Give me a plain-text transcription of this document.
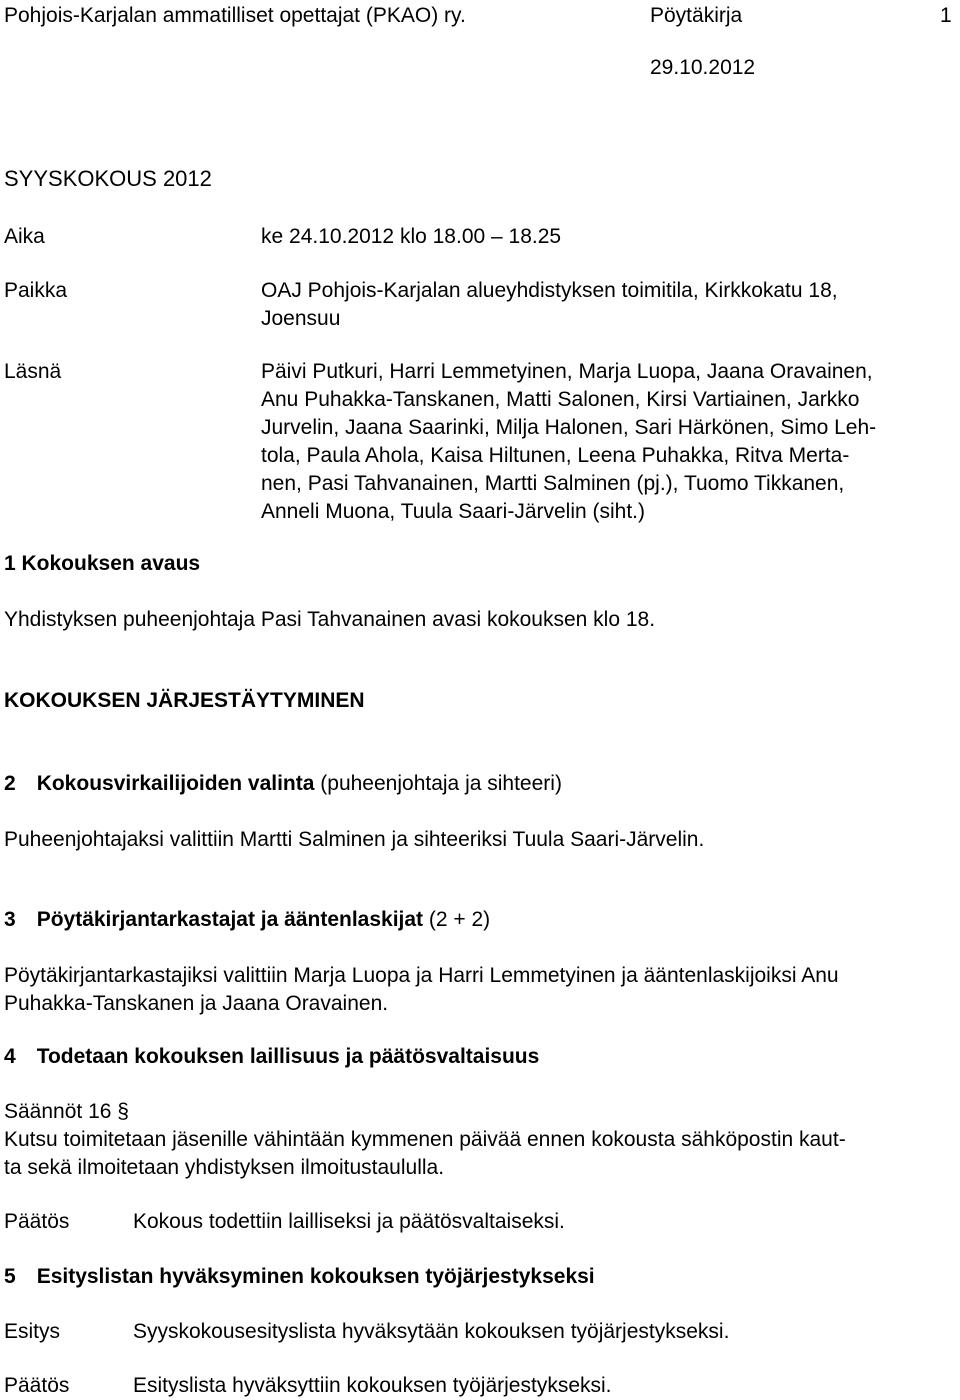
Pohjois-Karjalan ammatilliset opettajat (PKAO) ry.	Pöytäkirja	1
29.10.2012
SYYSKOKOUS 2012
Aika	ke 24.10.2012 klo 18.00 – 18.25
Paikka	OAJ Pohjois-Karjalan alueyhdistyksen toimitila, Kirkkokatu 18,
Joensuu
Läsnä	Päivi Putkuri, Harri Lemmetyinen, Marja Luopa, Jaana Oravainen,
Anu Puhakka-Tanskanen, Matti Salonen, Kirsi Vartiainen, Jarkko
Jurvelin, Jaana Saarinki, Milja Halonen, Sari Härkönen, Simo Leh-
tola, Paula Ahola, Kaisa Hiltunen, Leena Puhakka, Ritva Merta-
nen, Pasi Tahvanainen, Martti Salminen (pj.), Tuomo Tikkanen,
Anneli Muona, Tuula Saari-Järvelin (siht.)
1 Kokouksen avaus
Yhdistyksen puheenjohtaja Pasi Tahvanainen avasi kokouksen klo 18.
KOKOUKSEN JÄRJESTÄYTYMINEN
2 Kokousvirkailijoiden valinta (puheenjohtaja ja sihteeri)
Puheenjohtajaksi valittiin Martti Salminen ja sihteeriksi Tuula Saari-Järvelin.
3 Pöytäkirjantarkastajat ja ääntenlaskijat (2 + 2)
Pöytäkirjantarkastajiksi valittiin Marja Luopa ja Harri Lemmetyinen ja ääntenlaskijoiksi Anu
Puhakka-Tanskanen ja Jaana Oravainen.
4 Todetaan kokouksen laillisuus ja päätösvaltaisuus
Säännöt 16 §
Kutsu toimitetaan jäsenille vähintään kymmenen päivää ennen kokousta sähköpostin kaut-
ta sekä ilmoitetaan yhdistyksen ilmoitustaululla.
Päätös	Kokous todettiin lailliseksi ja päätösvaltaiseksi.
5 Esityslistan hyväksyminen kokouksen työjärjestykseksi
Esitys	Syyskokousesityslista hyväksytään kokouksen työjärjestykseksi.
Päätös	Esityslista hyväksyttiin kokouksen työjärjestykseksi.
